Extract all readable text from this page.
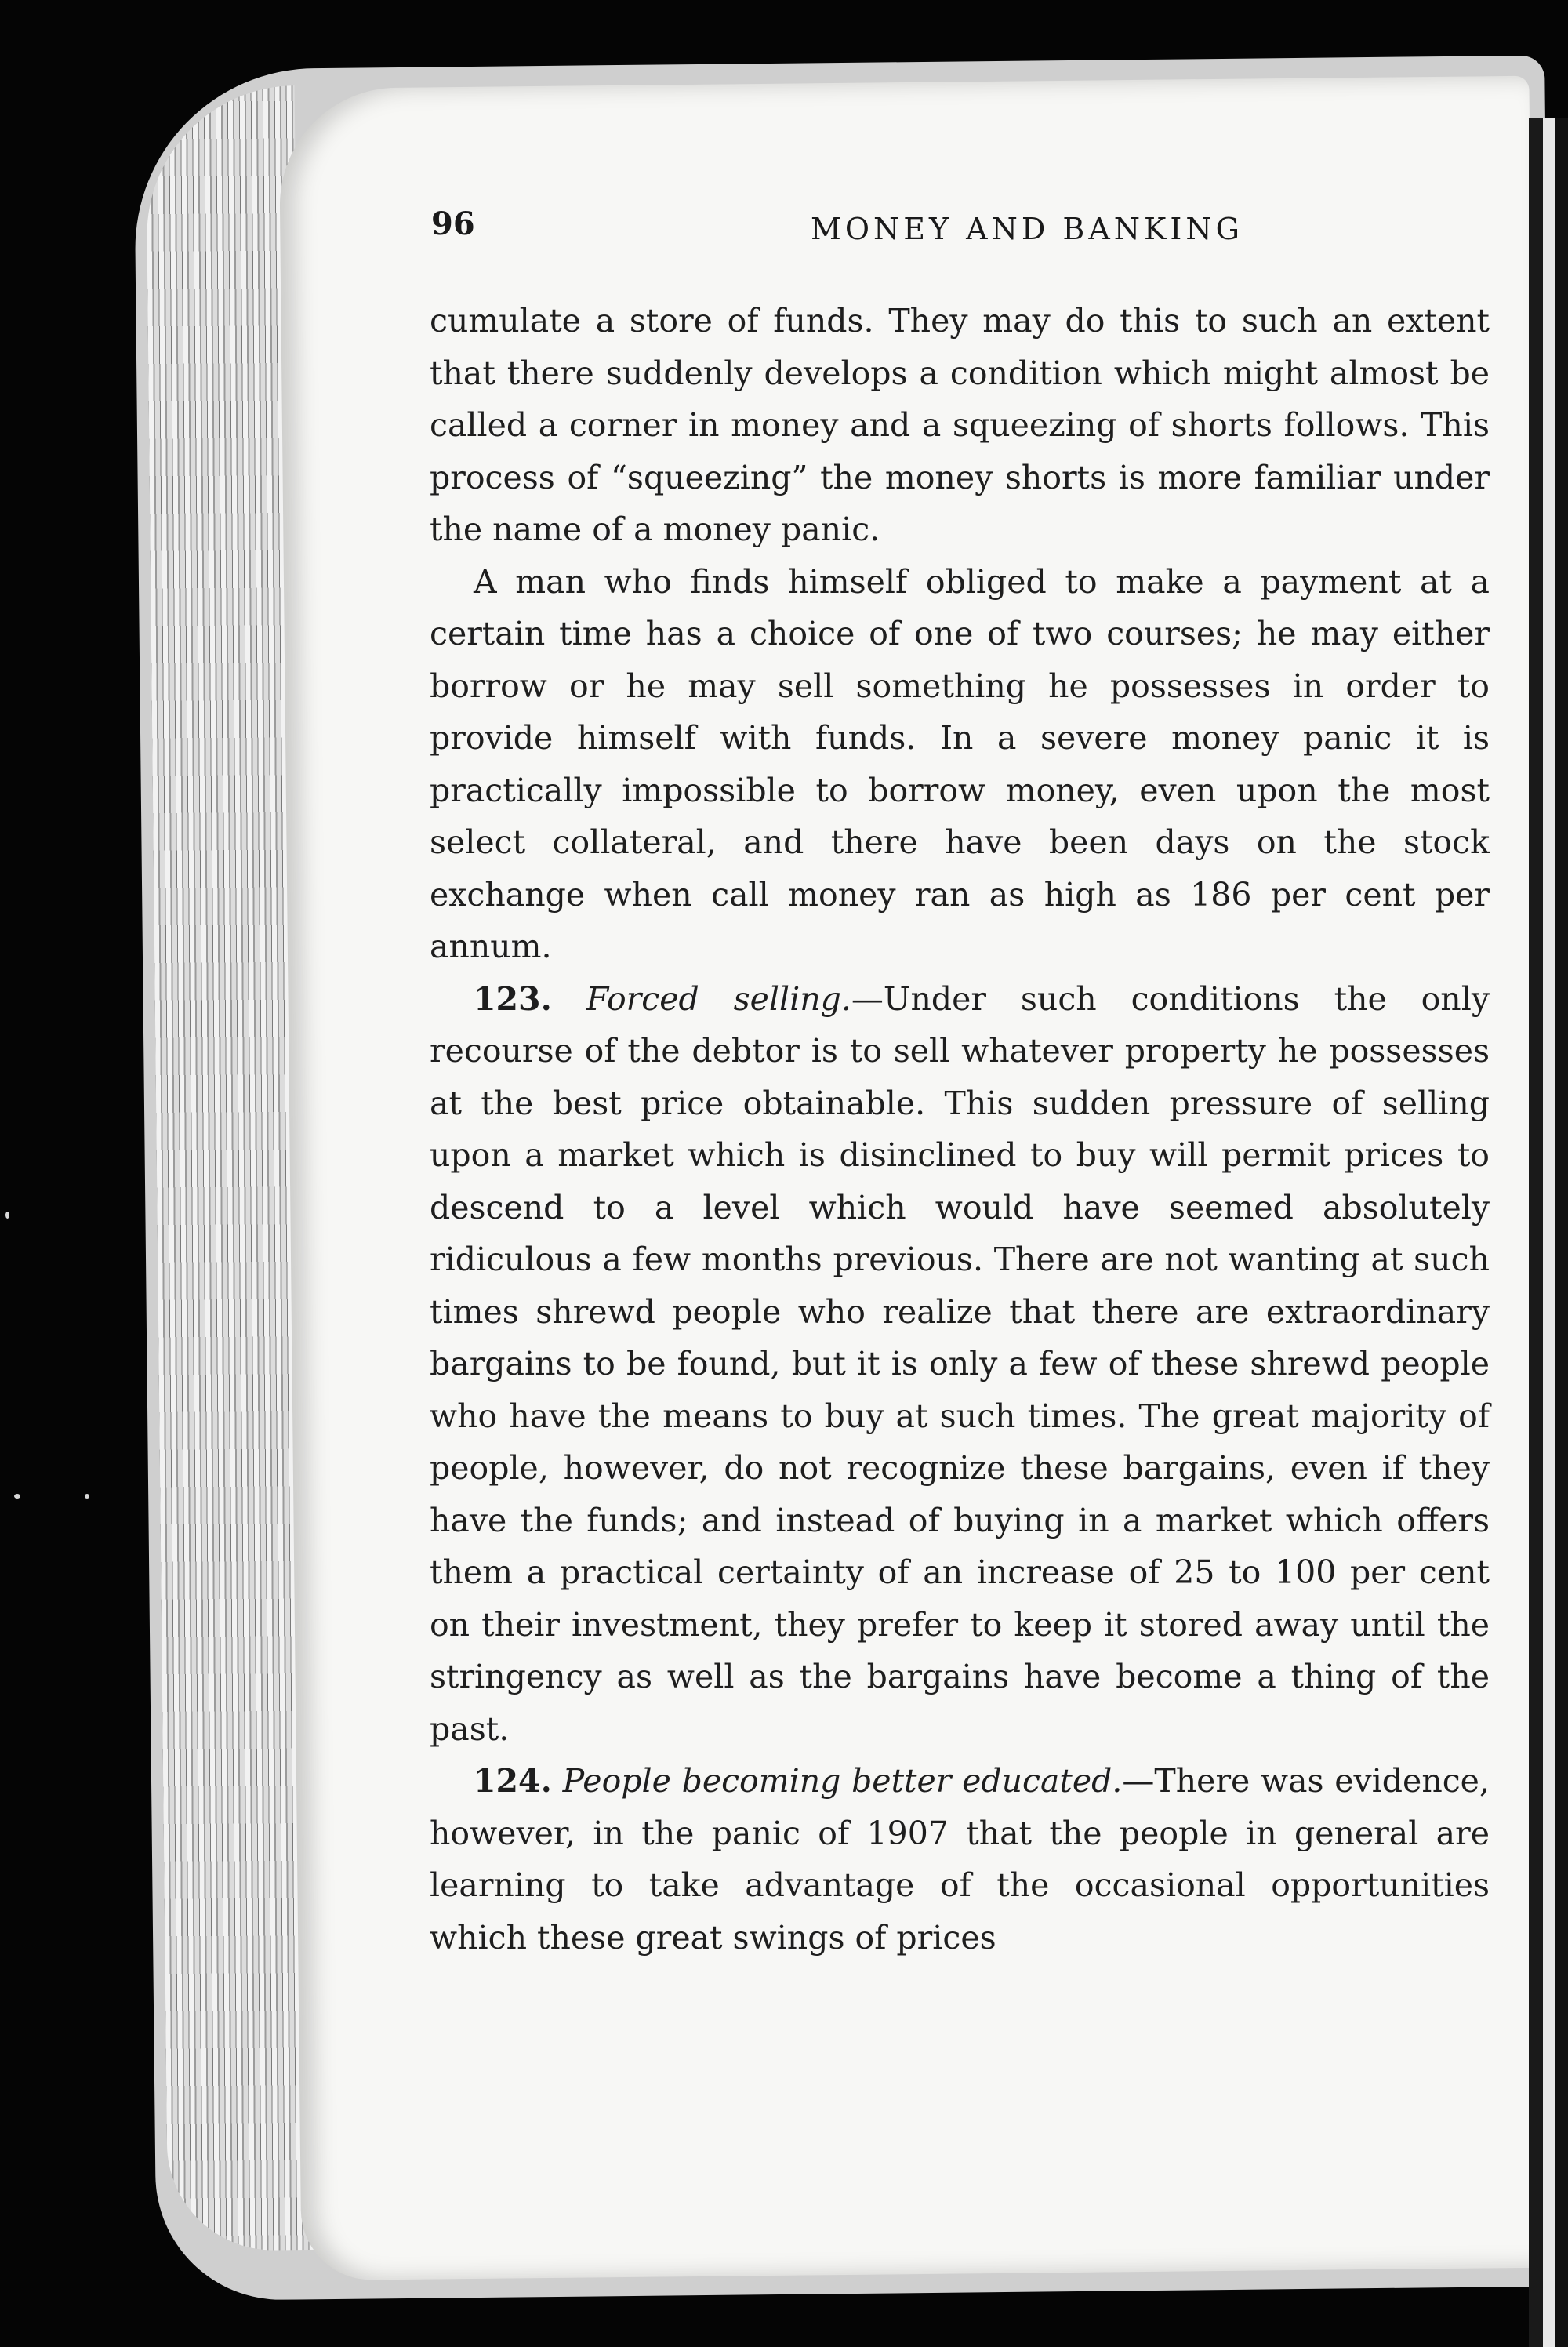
96	MONEY AND BANKING

cumulate a store of funds. They may do this to such an extent that there suddenly develops a condition which might almost be called a corner in money and a squeezing of shorts follows. This process of “squeezing” the money shorts is more familiar under the name of a money panic.

A man who finds himself obliged to make a payment at a certain time has a choice of one of two courses; he may either borrow or he may sell something he possesses in order to provide himself with funds. In a severe money panic it is practically impossible to borrow money, even upon the most select collateral, and there have been days on the stock exchange when call money ran as high as 186 per cent per annum.

123. Forced selling.—Under such conditions the only recourse of the debtor is to sell whatever property he possesses at the best price obtainable. This sudden pressure of selling upon a market which is disinclined to buy will permit prices to descend to a level which would have seemed absolutely ridiculous a few months previous. There are not wanting at such times shrewd people who realize that there are extraordinary bargains to be found, but it is only a few of these shrewd people who have the means to buy at such times. The great majority of people, however, do not recognize these bargains, even if they have the funds; and instead of buying in a market which offers them a practical certainty of an increase of 25 to 100 per cent on their investment, they prefer to keep it stored away until the stringency as well as the bargains have become a thing of the past.

124. People becoming better educated.—There was evidence, however, in the panic of 1907 that the people in general are learning to take advantage of the occasional opportunities which these great swings of prices
